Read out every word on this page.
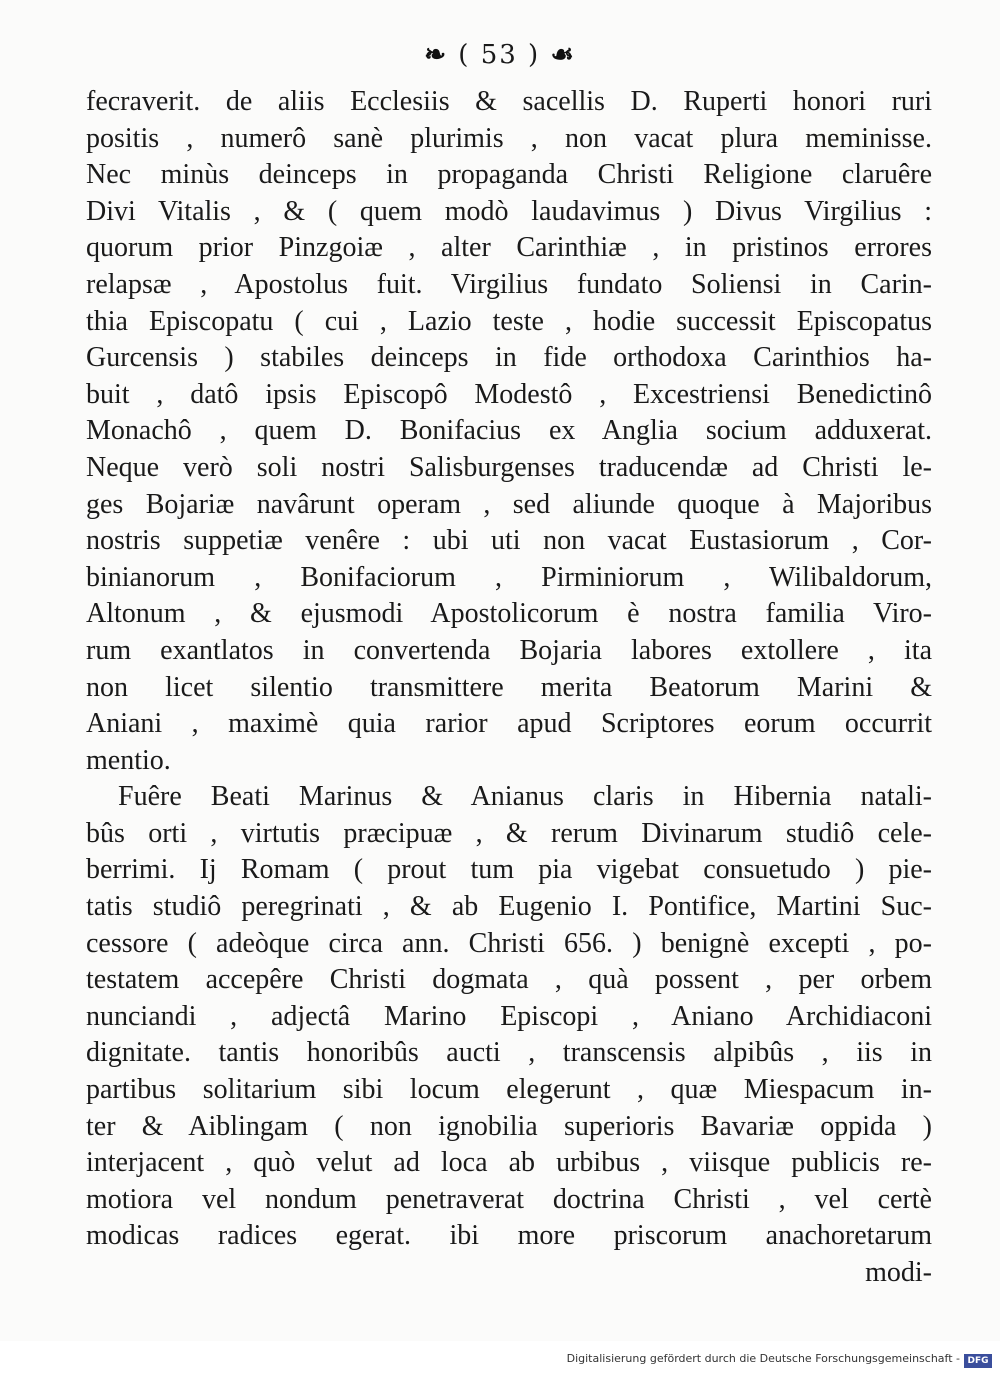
❧ ( 53 ) ☙
fecraverit. de aliis Ecclesiis & sacellis D. Ruperti honori ruri
positis , numerô sanè plurimis , non vacat plura meminisse.
Nec minùs deinceps in propaganda Christi Religione claruêre
Divi Vitalis , & ( quem modò laudavimus ) Divus Virgilius :
quorum prior Pinzgoiæ , alter Carinthiæ , in pristinos errores
relapsæ , Apostolus fuit. Virgilius fundato Soliensi in Carin-
thia Episcopatu ( cui , Lazio teste , hodie successit Episcopatus
Gurcensis ) stabiles deinceps in fide orthodoxa Carinthios ha-
buit , datô ipsis Episcopô Modestô , Excestriensi Benedictinô
Monachô , quem D. Bonifacius ex Anglia socium adduxerat.
Neque verò soli nostri Salisburgenses traducendæ ad Christi le-
ges Bojariæ navârunt operam , sed aliunde quoque à Majoribus
nostris suppetiæ venêre : ubi uti non vacat Eustasiorum , Cor-
binianorum , Bonifaciorum , Pirminiorum , Wilibaldorum,
Altonum , & ejusmodi Apostolicorum è nostra familia Viro-
rum exantlatos in convertenda Bojaria labores extollere , ita
non licet silentio transmittere merita Beatorum Marini &
Aniani , maximè quia rarior apud Scriptores eorum occurrit
mentio.
Fuêre Beati Marinus & Anianus claris in Hibernia natali-
bûs orti , virtutis præcipuæ , & rerum Divinarum studiô cele-
berrimi. Ij Romam ( prout tum pia vigebat consuetudo ) pie-
tatis studiô peregrinati , & ab Eugenio I. Pontifice, Martini Suc-
cessore ( adeòque circa ann. Christi 656. ) benignè excepti , po-
testatem accepêre Christi dogmata , quà possent , per orbem
nunciandi , adjectâ Marino Episcopi , Aniano Archidiaconi
dignitate. tantis honoribûs aucti , transcensis alpibûs , iis in
partibus solitarium sibi locum elegerunt , quæ Miespacum in-
ter & Aiblingam ( non ignobilia superioris Bavariæ oppida )
interjacent , quò velut ad loca ab urbibus , viisque publicis re-
motiora vel nondum penetraverat doctrina Christi , vel certè
modicas radices egerat. ibi more priscorum anachoretarum
modi-
Digitalisierung gefördert durch die Deutsche Forschungsgemeinschaft - DFG
